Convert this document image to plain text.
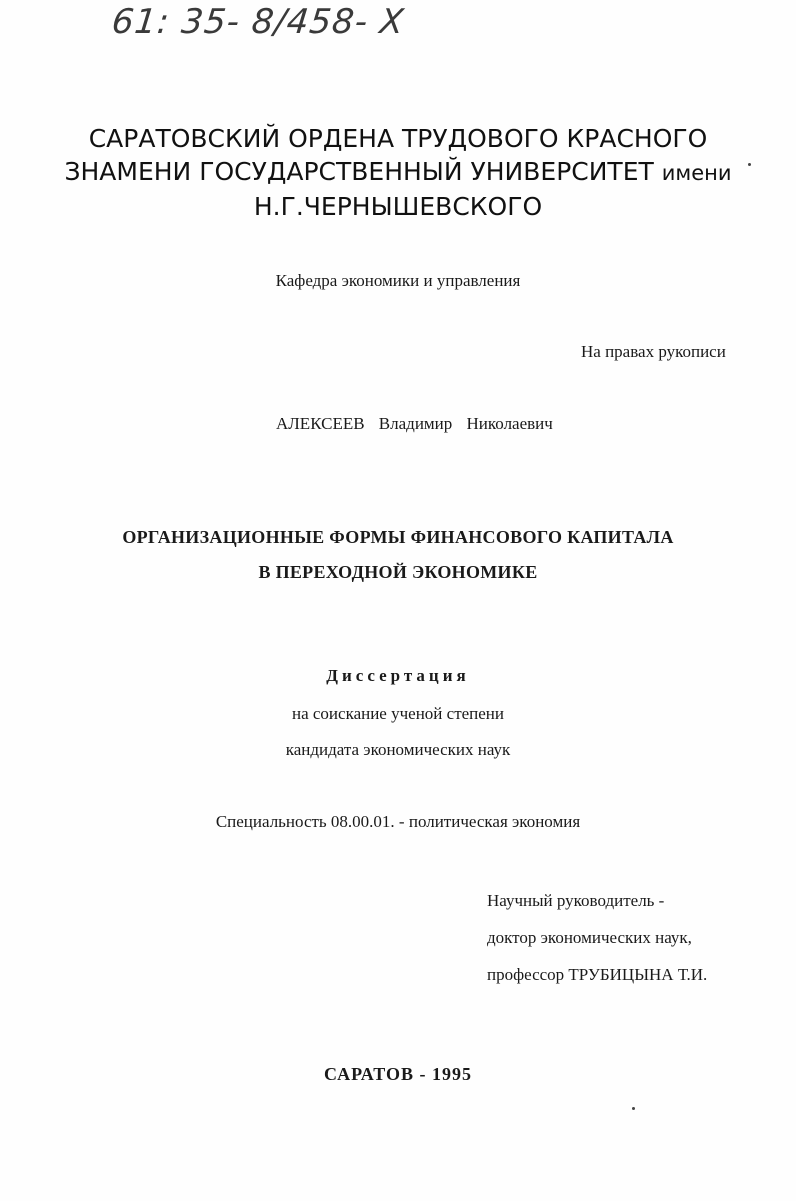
61: 35- 8/458- X
САРАТОВСКИЙ ОРДЕНА ТРУДОВОГО КРАСНОГО
ЗНАМЕНИ ГОСУДАРСТВЕННЫЙ УНИВЕРСИТЕТ имени
Н.Г.ЧЕРНЫШЕВСКОГО
Кафедра экономики и управления
На правах рукописи
АЛЕКСЕЕВ Владимир Николаевич
ОРГАНИЗАЦИОННЫЕ ФОРМЫ ФИНАНСОВОГО КАПИТАЛА
В ПЕРЕХОДНОЙ ЭКОНОМИКЕ
Диссертация
на соискание ученой степени
кандидата экономических наук
Специальность 08.00.01. - политическая экономия
Научный руководитель -
доктор экономических наук,
профессор ТРУБИЦЫНА Т.И.
САРАТОВ - 1995
